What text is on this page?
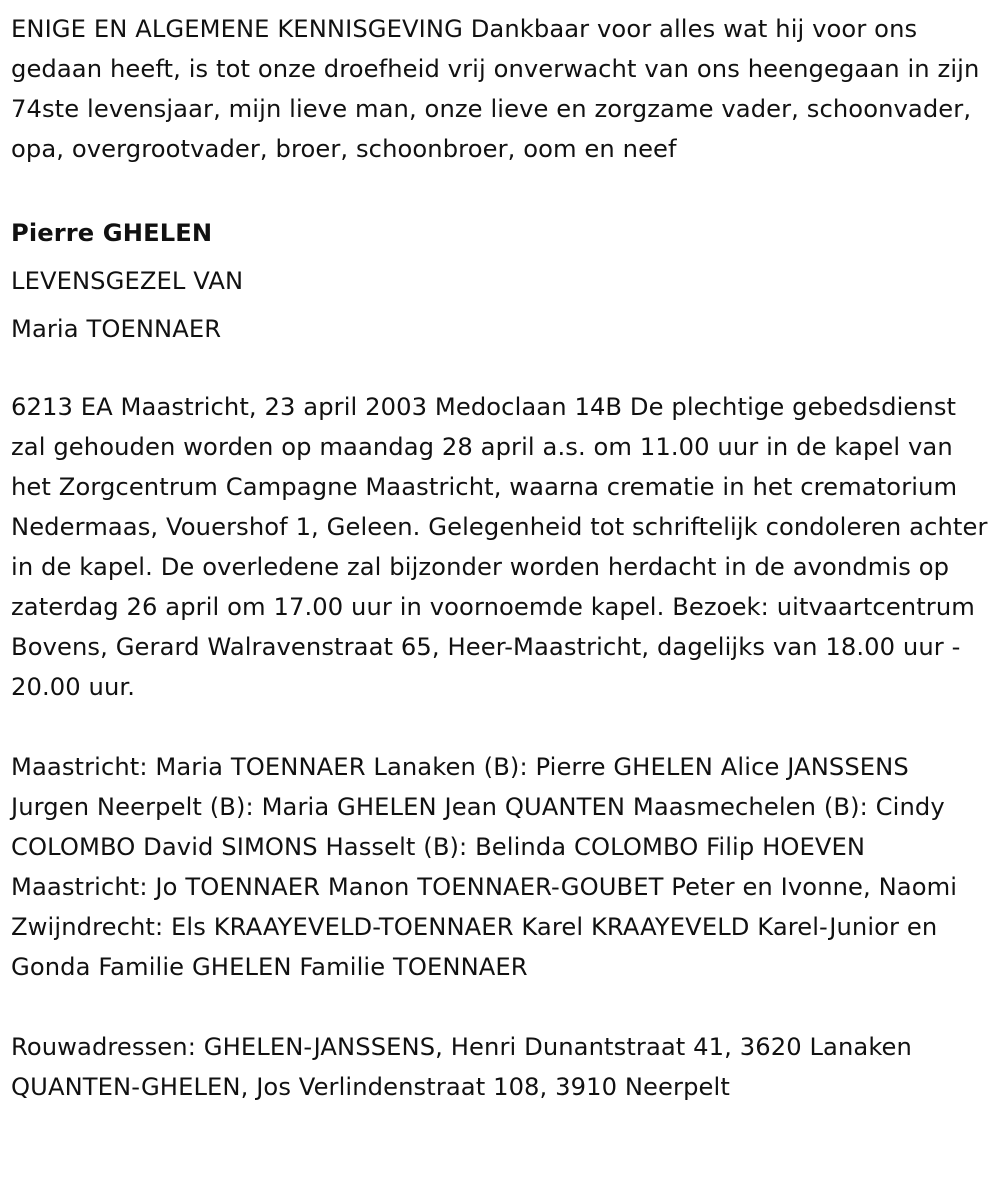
ENIGE EN ALGEMENE KENNISGEVING Dankbaar voor alles wat hij voor ons gedaan heeft, is tot onze droefheid vrij onverwacht van ons heengegaan in zijn 74ste levensjaar, mijn lieve man, onze lieve en zorgzame vader, schoonvader, opa, overgrootvader, broer, schoonbroer, oom en neef

Pierre GHELEN

LEVENSGEZEL VAN

Maria TOENNAER

6213 EA Maastricht, 23 april 2003 Medoclaan 14B De plechtige gebedsdienst zal gehouden worden op maandag 28 april a.s. om 11.00 uur in de kapel van het Zorgcentrum Campagne Maastricht, waarna crematie in het crematorium Nedermaas, Vouershof 1, Geleen. Gelegenheid tot schriftelijk condoleren achter in de kapel. De overledene zal bijzonder worden herdacht in de avondmis op zaterdag 26 april om 17.00 uur in voornoemde kapel. Bezoek: uitvaartcentrum Bovens, Gerard Walravenstraat 65, Heer-Maastricht, dagelijks van 18.00 uur - 20.00 uur.

Maastricht: Maria TOENNAER Lanaken (B): Pierre GHELEN Alice JANSSENS Jurgen Neerpelt (B): Maria GHELEN Jean QUANTEN Maasmechelen (B): Cindy COLOMBO David SIMONS Hasselt (B): Belinda COLOMBO Filip HOEVEN Maastricht: Jo TOENNAER Manon TOENNAER-GOUBET Peter en Ivonne, Naomi Zwijndrecht: Els KRAAYEVELD-TOENNAER Karel KRAAYEVELD Karel-Junior en Gonda Familie GHELEN Familie TOENNAER

Rouwadressen: GHELEN-JANSSENS, Henri Dunantstraat 41, 3620 Lanaken QUANTEN-GHELEN, Jos Verlindenstraat 108, 3910 Neerpelt
